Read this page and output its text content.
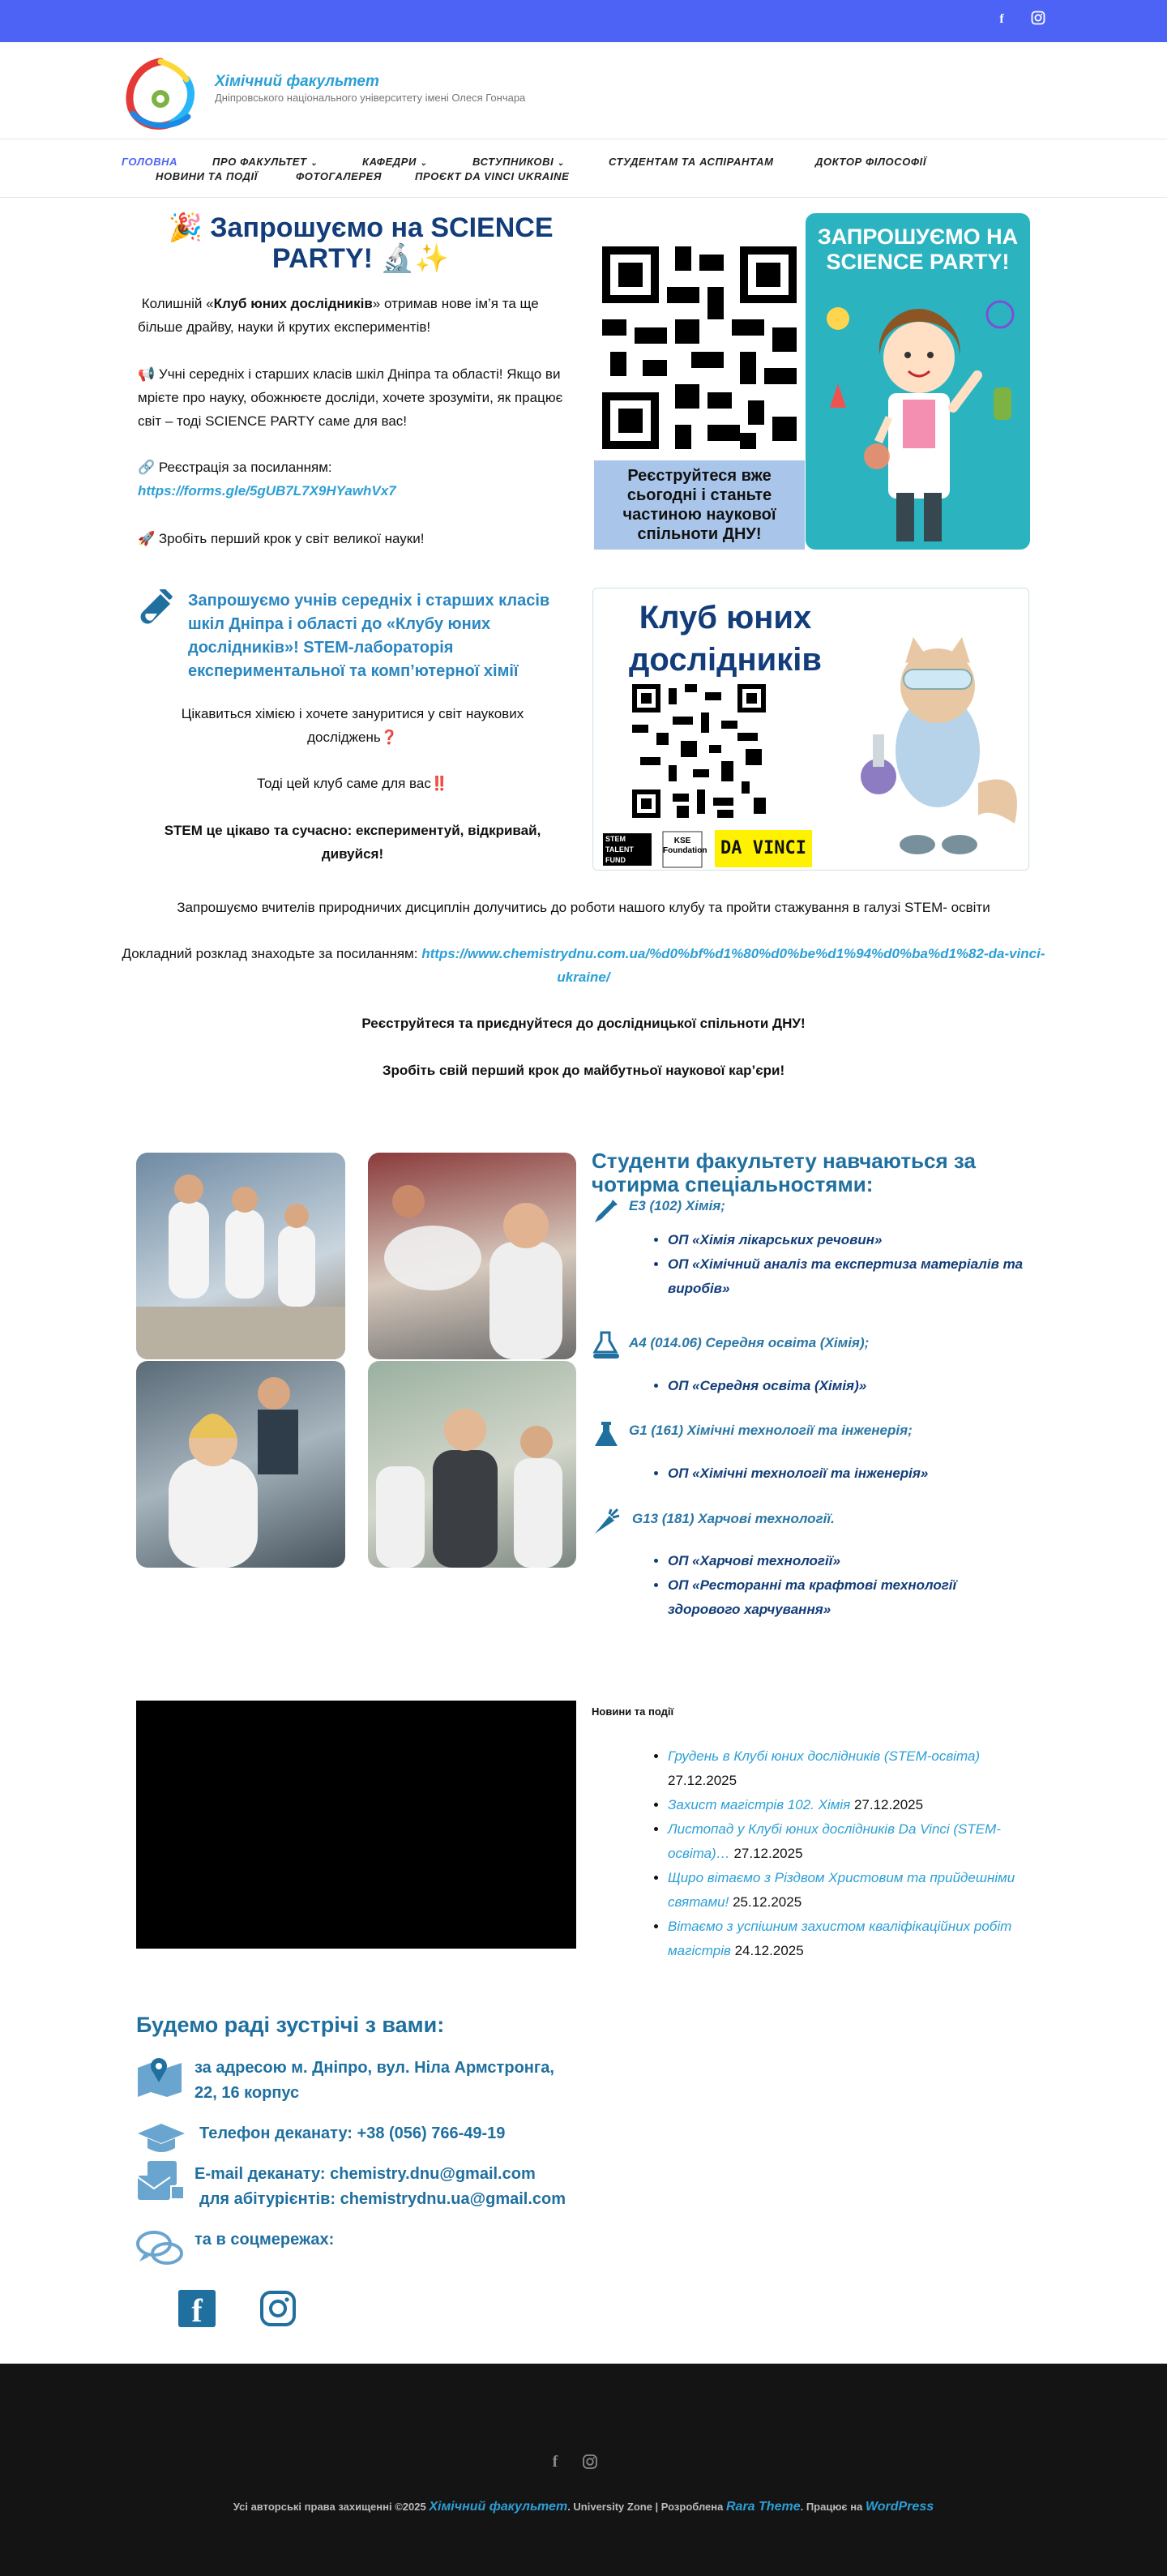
f
Хімічний факультет
Дніпровського національного університету імені Олеся Гончара
ГОЛОВНА	ПРО ФАКУЛЬТЕТ ⌄	КАФЕДРИ ⌄	ВСТУПНИКОВІ ⌄	СТУДЕНТАМ ТА АСПІРАНТАМ	ДОКТОР ФІЛОСОФІЇ
НОВИНИ ТА ПОДІЇ	ФОТОГАЛЕРЕЯ	ПРОЄКТ DA VINCI UKRAINE
🎉 Запрошуємо на SCIENCE PARTY! 🔬✨
Колишній «Клуб юних дослідників» отримав нове ім’я та ще більше драйву, науки й крутих експериментів!
📢 Учні середніх і старших класів шкіл Дніпра та області! Якщо ви мрієте про науку, обожнюєте досліди, хочете зрозуміти, як працює світ – тоді SCIENCE PARTY саме для вас!
🔗 Реєстрація за посиланням:
https://forms.gle/5gUB7L7X9HYawhVx7
🚀 Зробіть перший крок у світ великої науки!
Реєструйтеся вже сьогодні і станьте частиною наукової спільноти ДНУ!
ЗАПРОШУЄМО НА SCIENCE PARTY!
Запрошуємо учнів середніх і старших класів шкіл Дніпра і області до «Клубу юних дослідників»! STEM-лабораторія експериментальної та комп’ютерної хімії
Цікавиться хімією і хочете зануритися у світ наукових досліджень❓
Тоді цей клуб саме для вас‼️
STEM це цікаво та сучасно: експериментуй, відкривай, дивуйся!
Клуб юних дослідників
STEM TALENT FUND
KSE Foundation DA VINCI
Запрошуємо вчителів природничих дисциплін долучитись до роботи нашого клубу та пройти стажування в галузі STEM- освіти
Докладний розклад знаходьте за посиланням: https://www.chemistrydnu.com.ua/%d0%bf%d1%80%d0%be%d1%94%d0%ba%d1%82-da-vinci-ukraine/
Реєструйтеся та приєднуйтеся до дослідницької спільноти ДНУ!
Зробіть свій перший крок до майбутньої наукової кар’єри!
Студенти факультету навчаються за чотирма спеціальностями:
E3 (102) Хімія;
• ОП «Хімія лікарських речовин»
• ОП «Хімічний аналіз та експертиза матеріалів та виробів»
A4 (014.06) Середня освіта (Хімія);
• ОП «Середня освіта (Хімія)»
G1 (161) Хімічні технології та інженерія;
• ОП «Хімічні технології та інженерія»
G13 (181) Харчові технології.
• ОП «Харчові технології»
• ОП «Ресторанні та крафтові технології здорового харчування»
Новини та події
• Грудень в Клубі юних дослідників (STEM-освіта) 27.12.2025
• Захист магістрів 102. Хімія 27.12.2025
• Листопад у Клубі юних дослідників Da Vinci (STEM-освіта)… 27.12.2025
• Щиро вітаємо з Різдвом Христовим та прийдешніми святами! 25.12.2025
• Вітаємо з успішним захистом кваліфікаційних робіт магістрів 24.12.2025
Будемо раді зустрічі з вами:
за адресою м. Дніпро, вул. Ніла Армстронга, 22, 16 корпус
Телефон деканату: +38 (056) 766-49-19
E-mail деканату: chemistry.dnu@gmail.com
для абітурієнтів: chemistrydnu.ua@gmail.com
та в соцмережах:
f
f
Усі авторські права захищенні ©2025 Хімічний факультет. University Zone | Розроблена Rara Theme. Працює на WordPress
